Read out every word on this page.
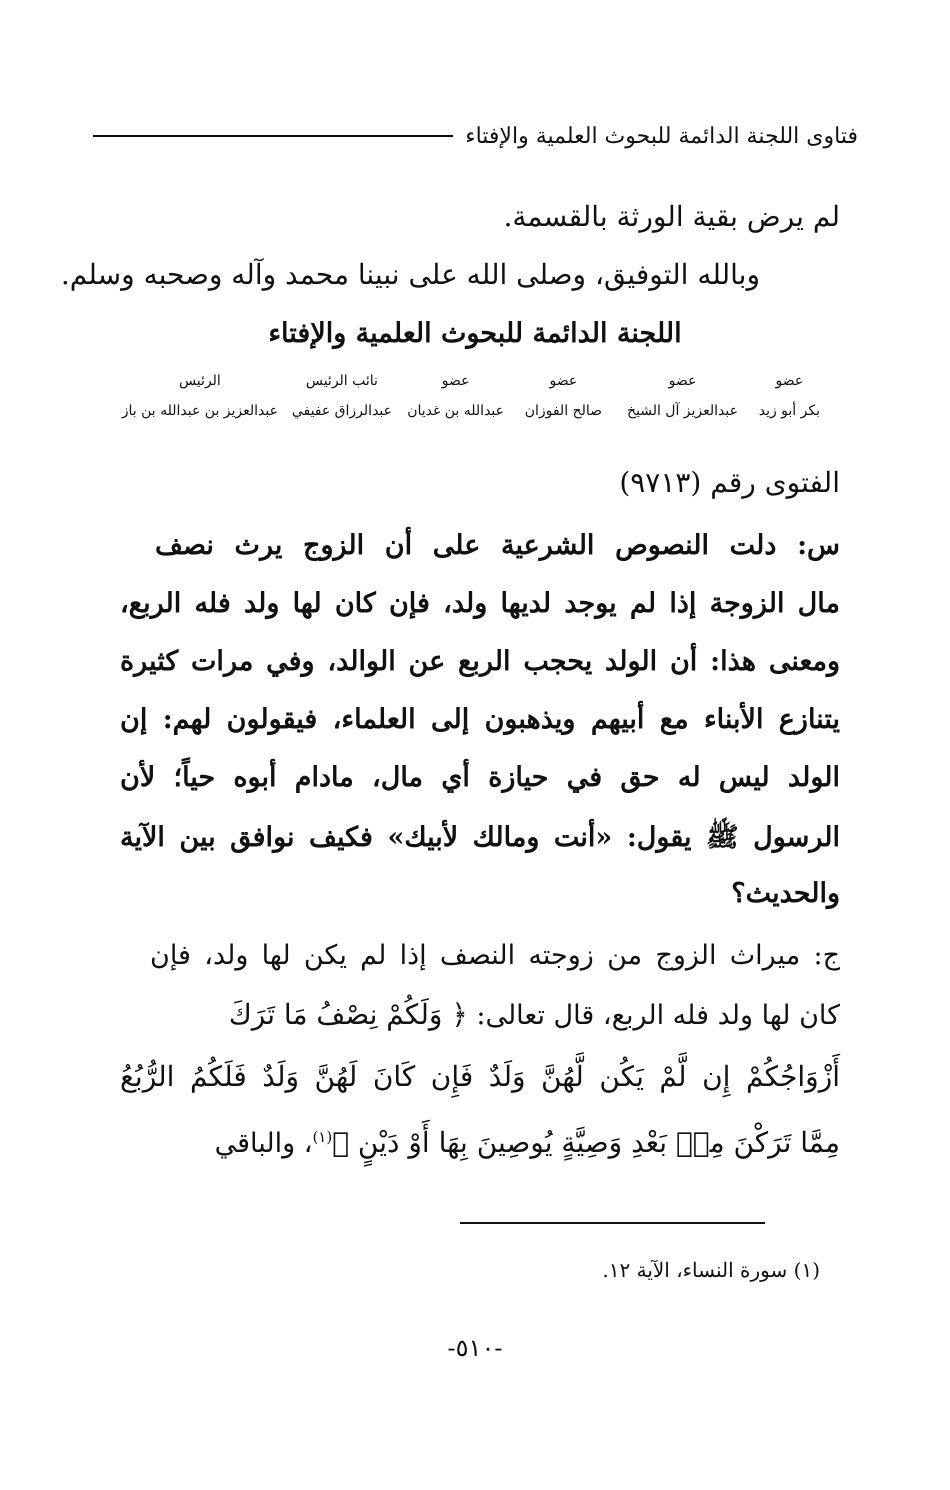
فتاوى اللجنة الدائمة للبحوث العلمية والإفتاء
لم يرض بقية الورثة بالقسمة.
وبالله التوفيق، وصلى الله على نبينا محمد وآله وصحبه وسلم.
اللجنة الدائمة للبحوث العلمية والإفتاء
عضو
بكر أبو زيد
عضو
عبدالعزيز آل الشيخ
عضو
صالح الفوزان
عضو
عبدالله بن غديان
نائب الرئيس
عبدالرزاق عفيفي
الرئيس
عبدالعزيز بن عبدالله بن باز
الفتوى رقم (٩٧١٣)
س: دلت النصوص الشرعية على أن الزوج يرث نصف
مال الزوجة إذا لم يوجد لديها ولد، فإن كان لها ولد فله الربع،
ومعنى هذا: أن الولد يحجب الربع عن الوالد، وفي مرات كثيرة
يتنازع الأبناء مع أبيهم ويذهبون إلى العلماء، فيقولون لهم: إن
الولد ليس له حق في حيازة أي مال، مادام أبوه حياً؛ لأن
الرسول ﷺ يقول: «أنت ومالك لأبيك» فكيف نوافق بين الآية
والحديث؟
ج: ميراث الزوج من زوجته النصف إذا لم يكن لها ولد، فإن
كان لها ولد فله الربع، قال تعالى: ﴿ وَلَكُمْ نِصْفُ مَا تَرَكَ
أَزْوَاجُكُمْ إِن لَّمْ يَكُن لَّهُنَّ وَلَدٌ فَإِن كَانَ لَهُنَّ وَلَدٌ فَلَكُمُ الرُّبُعُ
مِمَّا تَرَكْنَ مِنۢ بَعْدِ وَصِيَّةٍ يُوصِينَ بِهَا أَوْ دَيْنٍ ﴾$^{(١)}$، والباقي
(١) سورة النساء، الآية ١٢.
-٥١٠-
